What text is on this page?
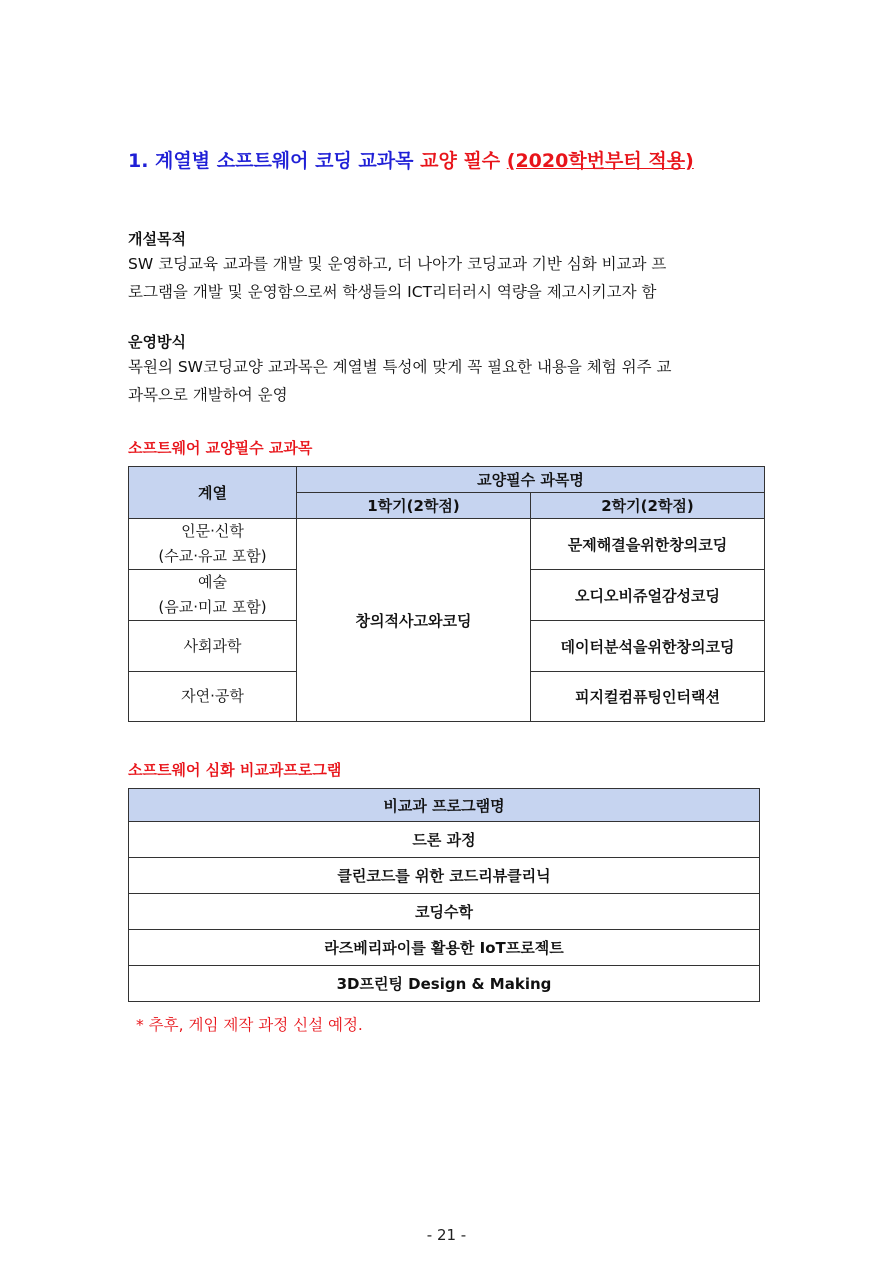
1. 계열별 소프트웨어 코딩 교과목 교양 필수 (2020학번부터 적용)
개설목적
SW 코딩교육 교과를 개발 및 운영하고, 더 나아가 코딩교과 기반 심화 비교과 프
로그램을 개발 및 운영함으로써 학생들의 ICT리터러시 역량을 제고시키고자 함
운영방식
목원의 SW코딩교양 교과목은 계열별 특성에 맞게 꼭 필요한 내용을 체험 위주 교
과목으로 개발하여 운영
소프트웨어 교양필수 교과목
계열	교양필수 과목명	
	1학기(2학점)	2학기(2학점)

인문·신학
(수교·유교 포함)	창의적사고와코딩	문제해결을위한창의코딩

예술
(음교·미교 포함)		오디오비쥬얼감성코딩
사회과학		데이터분석을위한창의코딩
자연·공학		피지컬컴퓨팅인터랙션
소프트웨어 심화 비교과프로그램
비교과 프로그램명
드론 과정
클린코드를 위한 코드리뷰클리닉
코딩수학
라즈베리파이를 활용한 IoT프로젝트
3D프린팅 Design & Making
* 추후, 게임 제작 과정 신설 예정.
- 21 -
